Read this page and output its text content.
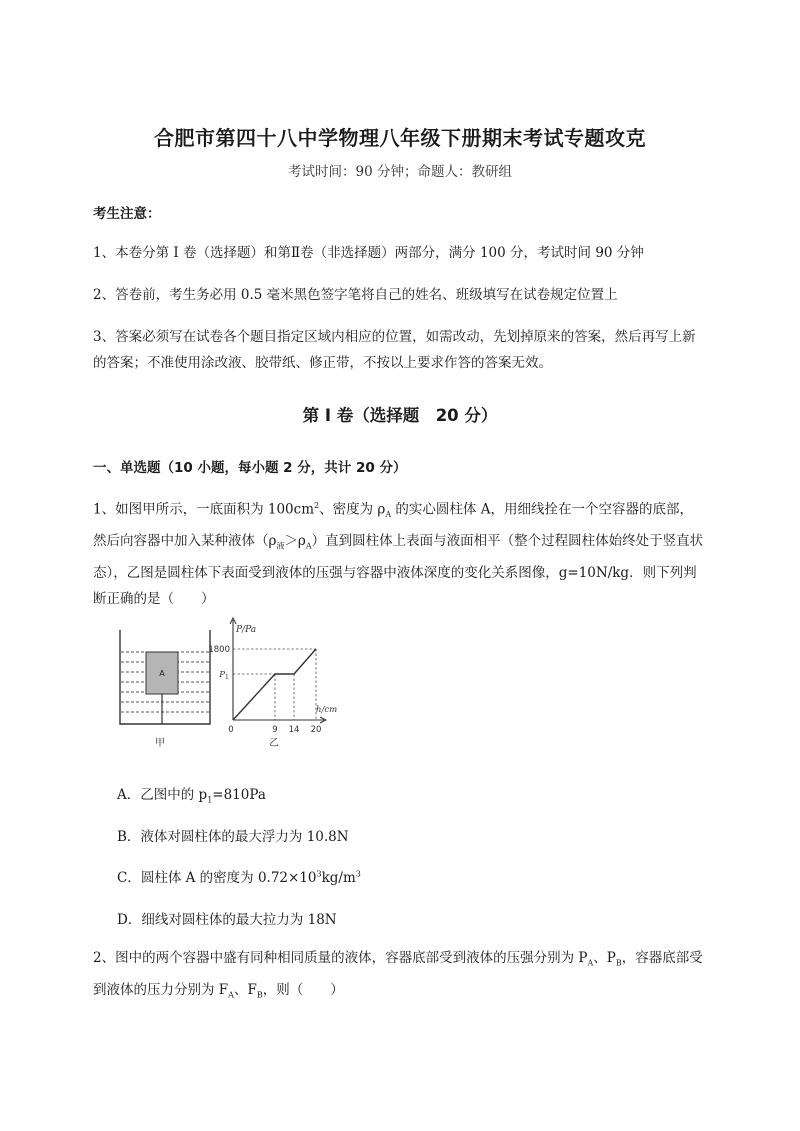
合肥市第四十八中学物理八年级下册期末考试专题攻克
考试时间：90 分钟；命题人：教研组
考生注意：
1、本卷分第 I 卷（选择题）和第Ⅱ卷（非选择题）两部分，满分 100 分，考试时间 90 分钟
2、答卷前，考生务必用 0.5 毫米黑色签字笔将自己的姓名、班级填写在试卷规定位置上
3、答案必须写在试卷各个题目指定区域内相应的位置，如需改动，先划掉原来的答案，然后再写上新的答案；不准使用涂改液、胶带纸、修正带，不按以上要求作答的答案无效。
第 I 卷（选择题　20 分）
一、单选题（10 小题，每小题 2 分，共计 20 分）
1、如图甲所示，一底面积为 $100cm^2$、密度为 $\rho_A$ 的实心圆柱体 A，用细线拴在一个空容器的底部，然后向容器中加入某种液体$(\rho_液>\rho_A)$直到圆柱体上表面与液面相平（整个过程圆柱体始终处于竖直状态），乙图是圆柱体下表面受到液体的压强与容器中液体深度的变化关系图像，g=10N/kg．则下列判断正确的是（　　）
A
甲
P/Pa
h/cm
1800
P 1
0	9 14 20
乙
A．乙图中的 $p_1=810Pa$
B．液体对圆柱体的最大浮力为 10.8N
C．圆柱体 A 的密度为 $0.72\times 10^3kg/m^3$
D．细线对圆柱体的最大拉力为 18N
2、图中的两个容器中盛有同种相同质量的液体，容器底部受到液体的压强分别为 $P_A$、$P_B$，容器底部受到液体的压力分别为 $F_A$、$F_B$，则（　　）
